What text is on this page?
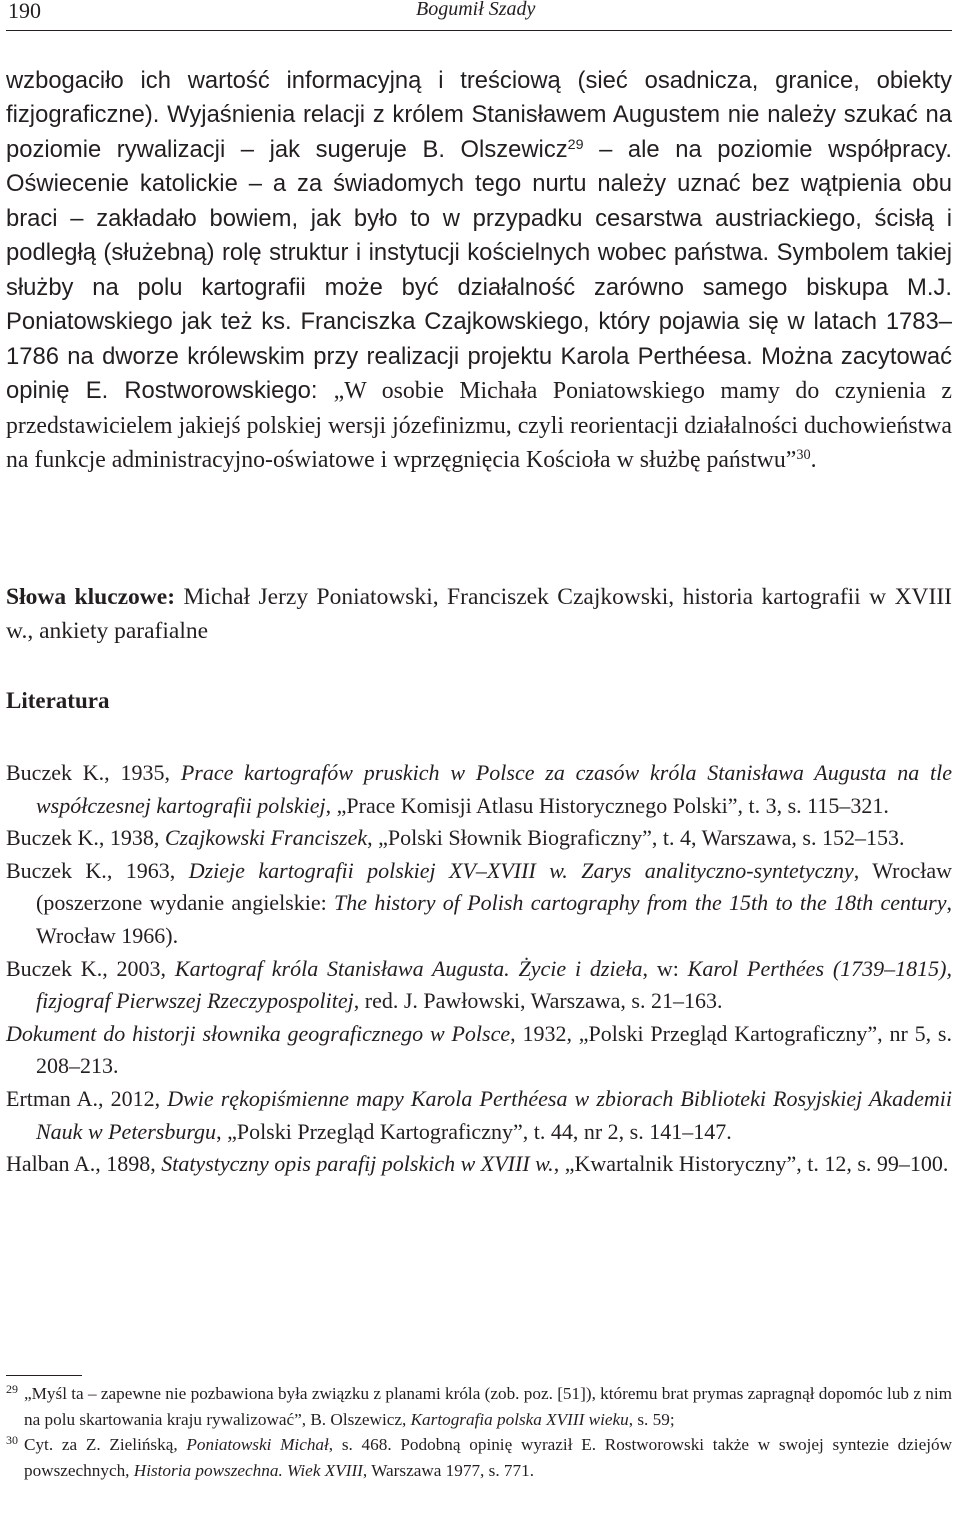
190	Bogumił Szady

wzbogaciło ich wartość informacyjną i treściową (sieć osadnicza, granice, obiekty fizjograficzne). Wyjaśnienia relacji z królem Stanisławem Augustem nie należy szukać na poziomie rywalizacji – jak sugeruje B. Olszewicz$^{29}$ – ale na poziomie współpracy. Oświecenie katolickie – a za świadomych tego nurtu należy uznać bez wątpienia obu braci – zakładało bowiem, jak było to w przypadku cesarstwa austriackiego, ścisłą i podległą (służebną) rolę struktur i instytucji kościelnych wobec państwa. Symbolem takiej służby na polu kartografii może być działalność zarówno samego biskupa M.J. Poniatowskiego jak też ks. Franciszka Czajkowskiego, który pojawia się w latach 1783–1786 na dworze królewskim przy realizacji projektu Karola Perthéesa. Można zacytować opinię E. Rostworowskiego: „W osobie Michała Poniatowskiego mamy do czynienia z przedstawicielem jakiejś polskiej wersji józefinizmu, czyli reorientacji działalności duchowieństwa na funkcje administracyjno-oświatowe i wprzęgnięcia Kościoła w służbę państwu”$^{30}$.

Słowa kluczowe: Michał Jerzy Poniatowski, Franciszek Czajkowski, historia kartografii w XVIII w., ankiety parafialne
Literatura

Buczek K., 1935, Prace kartografów pruskich w Polsce za czasów króla Stanisława Augusta na tle współczesnej kartografii polskiej, „Prace Komisji Atlasu Historycznego Polski”, t. 3, s. 115–321.

Buczek K., 1938, Czajkowski Franciszek, „Polski Słownik Biograficzny”, t. 4, Warszawa, s. 152–153.

Buczek K., 1963, Dzieje kartografii polskiej XV–XVIII w. Zarys analityczno-syntetyczny, Wrocław (poszerzone wydanie angielskie: The history of Polish cartography from the 15th to the 18th century, Wrocław 1966).

Buczek K., 2003, Kartograf króla Stanisława Augusta. Życie i dzieła, w: Karol Perthées (1739–1815), fizjograf Pierwszej Rzeczypospolitej, red. J. Pawłowski, Warszawa, s. 21–163.

Dokument do historji słownika geograficznego w Polsce, 1932, „Polski Przegląd Kartograficzny”, nr 5, s. 208–213.

Ertman A., 2012, Dwie rękopiśmienne mapy Karola Perthéesa w zbiorach Biblioteki Rosyjskiej Akademii Nauk w Petersburgu, „Polski Przegląd Kartograficzny”, t. 44, nr 2, s. 141–147.

Halban A., 1898, Statystyczny opis parafij polskich w XVIII w., „Kwartalnik Historyczny”, t. 12, s. 99–100.

29 „Myśl ta – zapewne nie pozbawiona była związku z planami króla (zob. poz. [51]), któremu brat prymas zapragnął dopomóc lub z nim na polu skartowania kraju rywalizować”, B. Olszewicz, Kartografia polska XVIII wieku, s. 59;

30 Cyt. za Z. Zielińską, Poniatowski Michał, s. 468. Podobną opinię wyraził E. Rostworowski także w swojej syntezie dziejów powszechnych, Historia powszechna. Wiek XVIII, Warszawa 1977, s. 771.
